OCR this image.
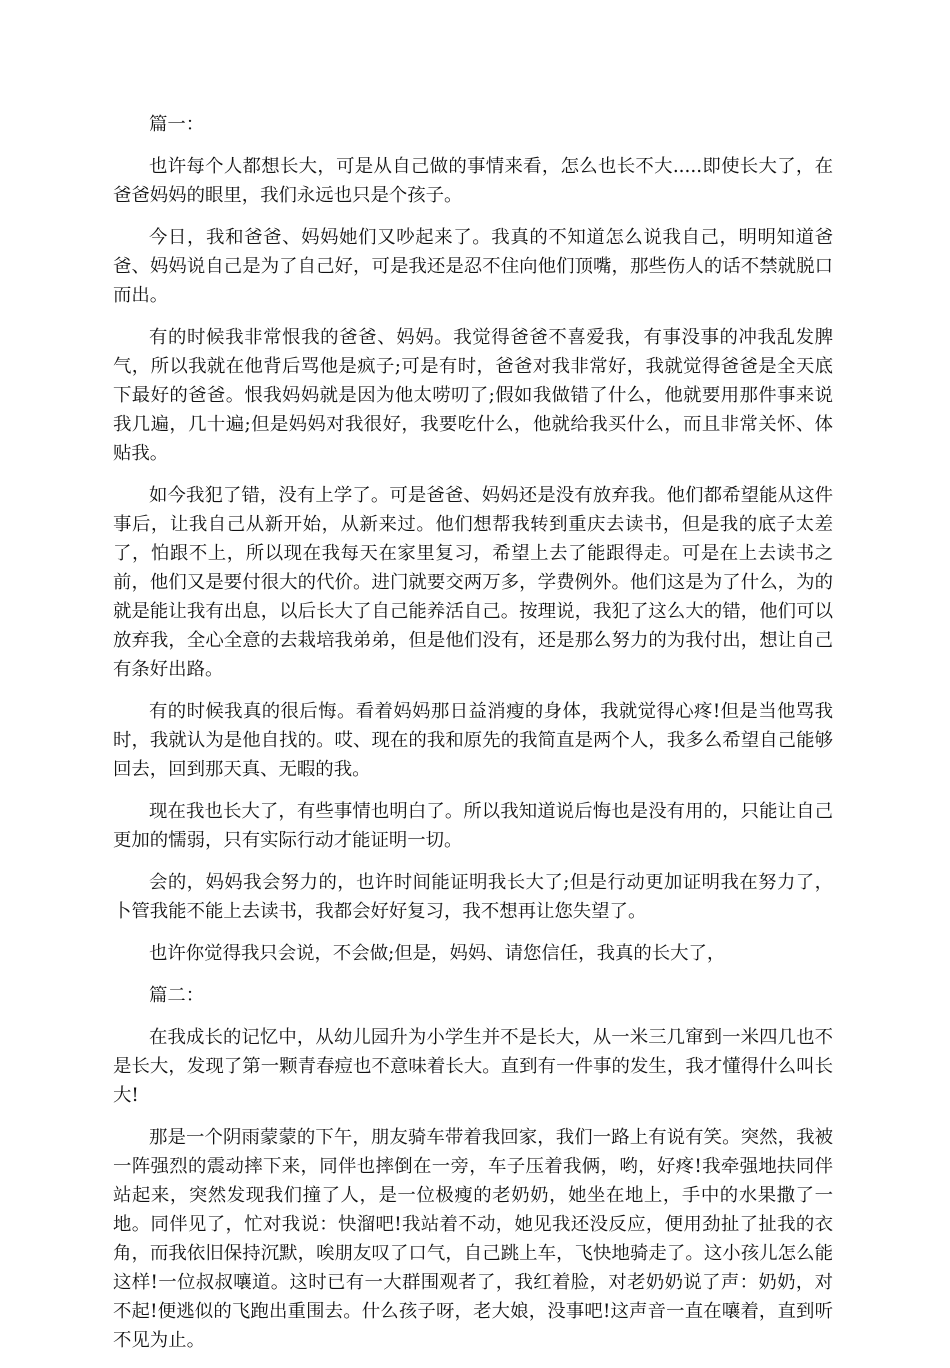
篇一：

也许每个人都想长大，可是从自己做的事情来看，怎么也长不大.....即使长大了，在爸爸妈妈的眼里，我们永远也只是个孩子。

今日，我和爸爸、妈妈她们又吵起来了。我真的不知道怎么说我自己，明明知道爸爸、妈妈说自己是为了自己好，可是我还是忍不住向他们顶嘴，那些伤人的话不禁就脱口而出。

有的时候我非常恨我的爸爸、妈妈。我觉得爸爸不喜爱我，有事没事的冲我乱发脾气，所以我就在他背后骂他是疯子;可是有时，爸爸对我非常好，我就觉得爸爸是全天底下最好的爸爸。恨我妈妈就是因为他太唠叨了;假如我做错了什么，他就要用那件事来说我几遍，几十遍;但是妈妈对我很好，我要吃什么，他就给我买什么，而且非常关怀、体贴我。

如今我犯了错，没有上学了。可是爸爸、妈妈还是没有放弃我。他们都希望能从这件事后，让我自己从新开始，从新来过。他们想帮我转到重庆去读书，但是我的底子太差了，怕跟不上，所以现在我每天在家里复习，希望上去了能跟得走。可是在上去读书之前，他们又是要付很大的代价。进门就要交两万多，学费例外。他们这是为了什么，为的就是能让我有出息，以后长大了自己能养活自己。按理说，我犯了这么大的错，他们可以放弃我，全心全意的去栽培我弟弟，但是他们没有，还是那么努力的为我付出，想让自己有条好出路。

有的时候我真的很后悔。看着妈妈那日益消瘦的身体，我就觉得心疼!但是当他骂我时，我就认为是他自找的。哎、现在的我和原先的我简直是两个人，我多么希望自己能够回去，回到那天真、无暇的我。

现在我也长大了，有些事情也明白了。所以我知道说后悔也是没有用的，只能让自己更加的懦弱，只有实际行动才能证明一切。

会的，妈妈我会努力的，也许时间能证明我长大了;但是行动更加证明我在努力了，卜管我能不能上去读书，我都会好好复习，我不想再让您失望了。

也许你觉得我只会说，不会做;但是，妈妈、请您信任，我真的长大了，

篇二：

在我成长的记忆中，从幼儿园升为小学生并不是长大，从一米三几窜到一米四几也不是长大，发现了第一颗青春痘也不意味着长大。直到有一件事的发生，我才懂得什么叫长大!

那是一个阴雨蒙蒙的下午，朋友骑车带着我回家，我们一路上有说有笑。突然，我被一阵强烈的震动摔下来，同伴也摔倒在一旁，车子压着我俩，哟，好疼!我牵强地扶同伴站起来，突然发现我们撞了人，是一位极瘦的老奶奶，她坐在地上，手中的水果撒了一地。同伴见了，忙对我说：快溜吧!我站着不动，她见我还没反应，便用劲扯了扯我的衣角，而我依旧保持沉默，唉朋友叹了口气，自己跳上车，飞快地骑走了。这小孩儿怎么能这样!一位叔叔嚷道。这时已有一大群围观者了，我红着脸，对老奶奶说了声：奶奶，对不起!便逃似的飞跑出重围去。什么孩子呀，老大娘，没事吧!这声音一直在嚷着，直到听不见为止。
